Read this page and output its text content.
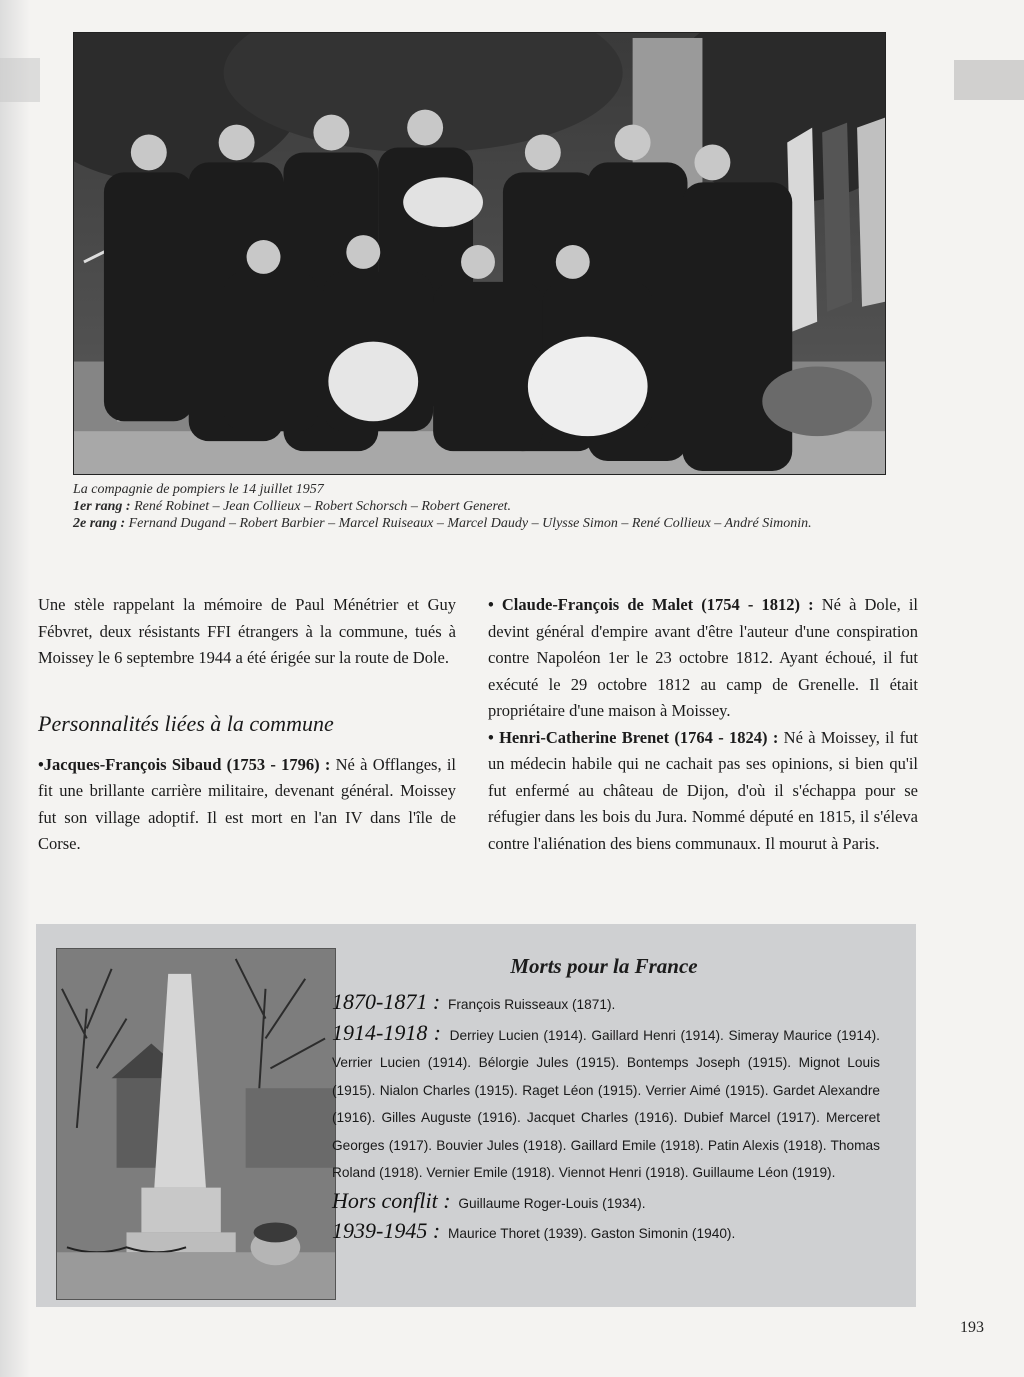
La compagnie de pompiers le 14 juillet 1957
1er rang : René Robinet – Jean Collieux – Robert Schorsch – Robert Generet.
2e rang : Fernand Dugand – Robert Barbier – Marcel Ruiseaux – Marcel Daudy – Ulysse Simon – René Collieux – André Simonin.

Une stèle rappelant la mémoire de Paul Ménétrier et Guy Fébvret, deux résistants FFI étrangers à la commune, tués à Moissey le 6 septembre 1944 a été érigée sur la route de Dole.

Personnalités liées à la commune

•Jacques-François Sibaud (1753 - 1796) : Né à Offlanges, il fit une brillante carrière militaire, devenant général. Moissey fut son village adoptif. Il est mort en l'an IV dans l'île de Corse.

• Claude-François de Malet (1754 - 1812) : Né à Dole, il devint général d'empire avant d'être l'auteur d'une conspiration contre Napoléon 1er le 23 octobre 1812. Ayant échoué, il fut exécuté le 29 octobre 1812 au camp de Grenelle. Il était propriétaire d'une maison à Moissey.

• Henri-Catherine Brenet (1764 - 1824) : Né à Moissey, il fut un médecin habile qui ne cachait pas ses opinions, si bien qu'il fut enfermé au château de Dijon, d'où il s'échappa pour se réfugier dans les bois du Jura. Nommé député en 1815, il s'éleva contre l'aliénation des biens communaux. Il mourut à Paris.

Morts pour la France

1870-1871 : François Ruisseaux (1871).

1914-1918 : Derriey Lucien (1914). Gaillard Henri (1914). Simeray Maurice (1914). Verrier Lucien (1914). Bélorgie Jules (1915). Bontemps Joseph (1915). Mignot Louis (1915). Nialon Charles (1915). Raget Léon (1915). Verrier Aimé (1915). Gardet Alexandre (1916). Gilles Auguste (1916). Jacquet Charles (1916). Dubief Marcel (1917). Merceret Georges (1917). Bouvier Jules (1918). Gaillard Emile (1918). Patin Alexis (1918). Thomas Roland (1918). Vernier Emile (1918). Viennot Henri (1918). Guillaume Léon (1919).

Hors conflit : Guillaume Roger-Louis (1934).

1939-1945 : Maurice Thoret (1939). Gaston Simonin (1940).

193
